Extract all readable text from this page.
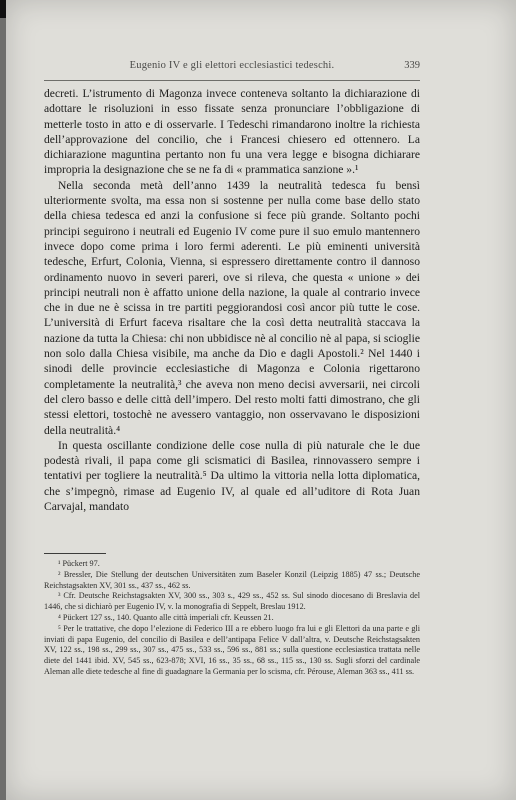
Eugenio IV e gli elettori ecclesiastici tedeschi.	339

decreti. L’istrumento di Magonza invece conteneva soltanto la dichiarazione di adottare le risoluzioni in esso fissate senza pronunciare l’obbligazione di metterle tosto in atto e di osservarle. I Tedeschi rimandarono inoltre la richiesta dell’approvazione del concilio, che i Francesi chiesero ed ottennero. La dichiarazione maguntina pertanto non fu una vera legge e bisogna dichiarare impropria la designazione che se ne fa di « prammatica sanzione ».¹

Nella seconda metà dell’anno 1439 la neutralità tedesca fu bensì ulteriormente svolta, ma essa non si sostenne per nulla come base dello stato della chiesa tedesca ed anzi la confusione si fece più grande. Soltanto pochi principi seguirono i neutrali ed Eugenio IV come pure il suo emulo mantennero invece dopo come prima i loro fermi aderenti. Le più eminenti università tedesche, Erfurt, Colonia, Vienna, si espressero direttamente contro il dannoso ordinamento nuovo in severi pareri, ove si rileva, che questa « unione » dei principi neutrali non è affatto unione della nazione, la quale al contrario invece che in due ne è scissa in tre partiti peggiorandosi così ancor più tutte le cose. L’università di Erfurt faceva risaltare che la così detta neutralità staccava la nazione da tutta la Chiesa: chi non ubbidisce nè al concilio nè al papa, si scioglie non solo dalla Chiesa visibile, ma anche da Dio e dagli Apostoli.² Nel 1440 i sinodi delle provincie ecclesiastiche di Magonza e Colonia rigettarono completamente la neutralità,³ che aveva non meno decisi avversarii, nei circoli del clero basso e delle città dell’impero. Del resto molti fatti dimostrano, che gli stessi elettori, tostochè ne avessero vantaggio, non osservavano le disposizioni della neutralità.⁴

In questa oscillante condizione delle cose nulla di più naturale che le due podestà rivali, il papa come gli scismatici di Basilea, rinnovassero sempre i tentativi per togliere la neutralità.⁵ Da ultimo la vittoria nella lotta diplomatica, che s’impegnò, rimase ad Eugenio IV, al quale ed all’uditore di Rota Juan Carvajal, mandato

¹ Pückert 97.

² Bressler, Die Stellung der deutschen Universitäten zum Baseler Konzil (Leipzig 1885) 47 ss.; Deutsche Reichstagsakten XV, 301 ss., 437 ss., 462 ss.

³ Cfr. Deutsche Reichstagsakten XV, 300 ss., 303 s., 429 ss., 452 ss. Sul sinodo diocesano di Breslavia del 1446, che si dichiarò per Eugenio IV, v. la monografia di Seppelt, Breslau 1912.

⁴ Pückert 127 ss., 140. Quanto alle città imperiali cfr. Keussen 21.

⁵ Per le trattative, che dopo l’elezione di Federico III a re ebbero luogo fra lui e gli Elettori da una parte e gli inviati di papa Eugenio, del concilio di Basilea e dell’antipapa Felice V dall’altra, v. Deutsche Reichstagsakten XV, 122 ss., 198 ss., 299 ss., 307 ss., 475 ss., 533 ss., 596 ss., 881 ss.; sulla questione ecclesiastica trattata nelle diete del 1441 ibid. XV, 545 ss., 623-878; XVI, 16 ss., 35 ss., 68 ss., 115 ss., 130 ss. Sugli sforzi del cardinale Aleman alle diete tedesche al fine di guadagnare la Germania per lo scisma, cfr. Pérouse, Aleman 363 ss., 411 ss.
